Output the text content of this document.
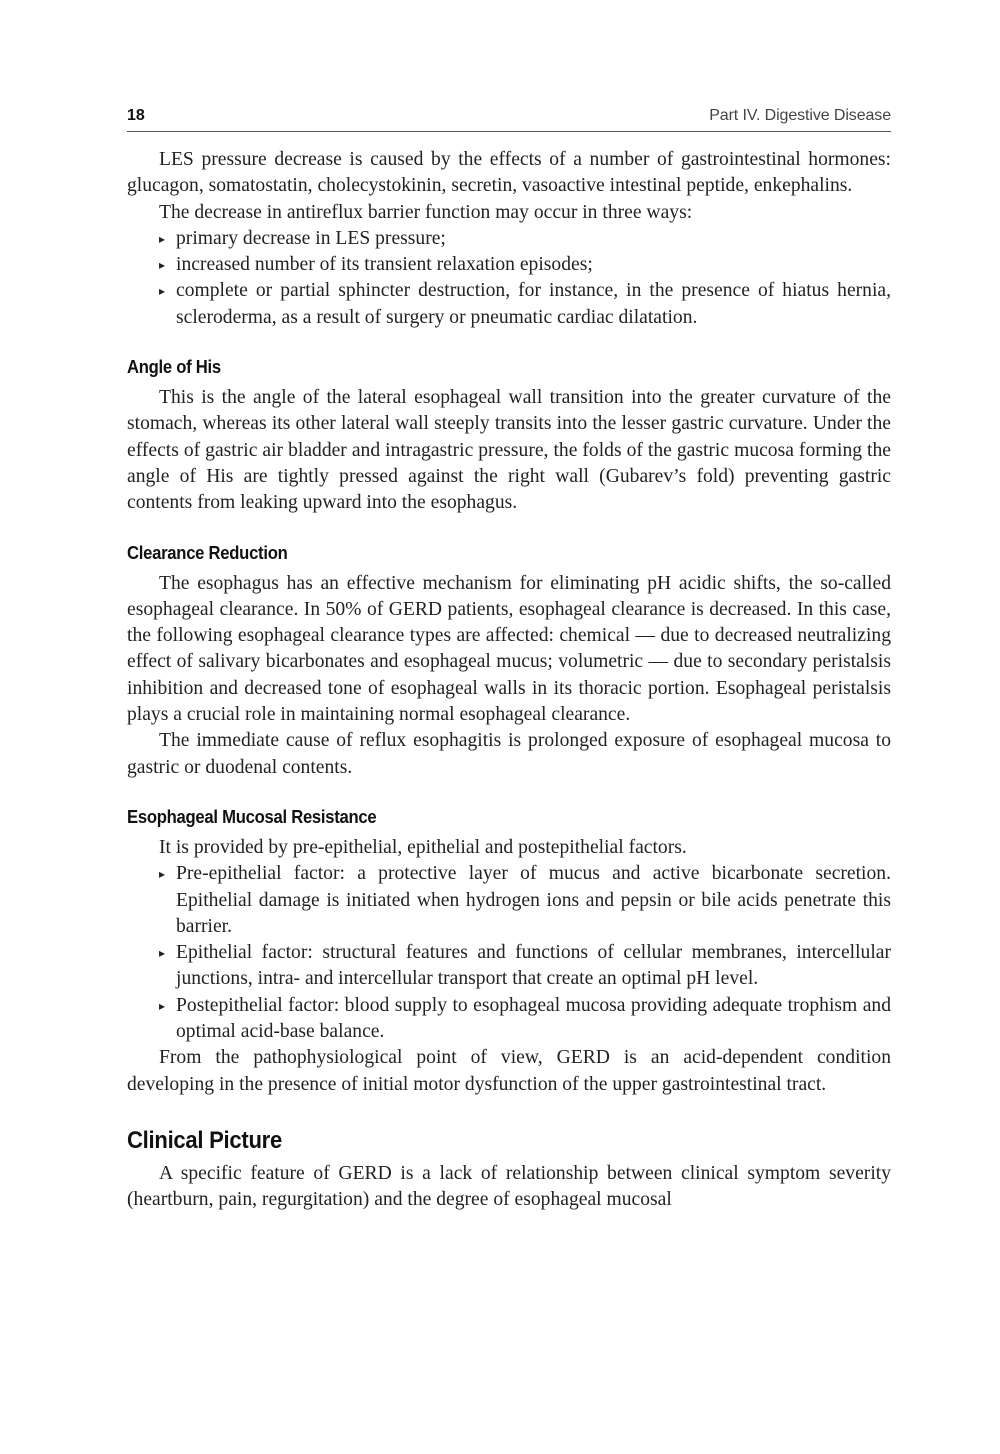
18	Part IV. Digestive Disease

LES pressure decrease is caused by the effects of a number of gastrointestinal hormones: glucagon, somatostatin, cholecystokinin, secretin, vasoactive intestinal peptide, enkephalins.

The decrease in antireflux barrier function may occur in three ways:

▸ primary decrease in LES pressure;
▸ increased number of its transient relaxation episodes;
▸ complete or partial sphincter destruction, for instance, in the presence of hiatus hernia, scleroderma, as a result of surgery or pneumatic cardiac dilatation.
Angle of His

This is the angle of the lateral esophageal wall transition into the greater curvature of the stomach, whereas its other lateral wall steeply transits into the lesser gastric curvature. Under the effects of gastric air bladder and intragastric pressure, the folds of the gastric mucosa forming the angle of His are tightly pressed against the right wall (Gubarev’s fold) preventing gastric contents from leaking upward into the esophagus.

Clearance Reduction

The esophagus has an effective mechanism for eliminating pH acidic shifts, the so-called esophageal clearance. In 50% of GERD patients, esophageal clearance is decreased. In this case, the following esophageal clearance types are affected: chemical — due to decreased neutralizing effect of salivary bicarbonates and esophageal mucus; volumetric — due to secondary peristalsis inhibition and decreased tone of esophageal walls in its thoracic portion. Esophageal peristalsis plays a crucial role in maintaining normal esophageal clearance.

The immediate cause of reflux esophagitis is prolonged exposure of esophageal mucosa to gastric or duodenal contents.

Esophageal Mucosal Resistance

It is provided by pre-epithelial, epithelial and postepithelial factors.

▸ Pre-epithelial factor: a protective layer of mucus and active bicarbonate secretion. Epithelial damage is initiated when hydrogen ions and pepsin or bile acids penetrate this barrier.
▸ Epithelial factor: structural features and functions of cellular membranes, intercellular junctions, intra- and intercellular transport that create an optimal pH level.
▸ Postepithelial factor: blood supply to esophageal mucosa providing adequate trophism and optimal acid-base balance.

From the pathophysiological point of view, GERD is an acid-dependent condition developing in the presence of initial motor dysfunction of the upper gastrointestinal tract.

Clinical Picture

A specific feature of GERD is a lack of relationship between clinical symptom severity (heartburn, pain, regurgitation) and the degree of esophageal mucosal
